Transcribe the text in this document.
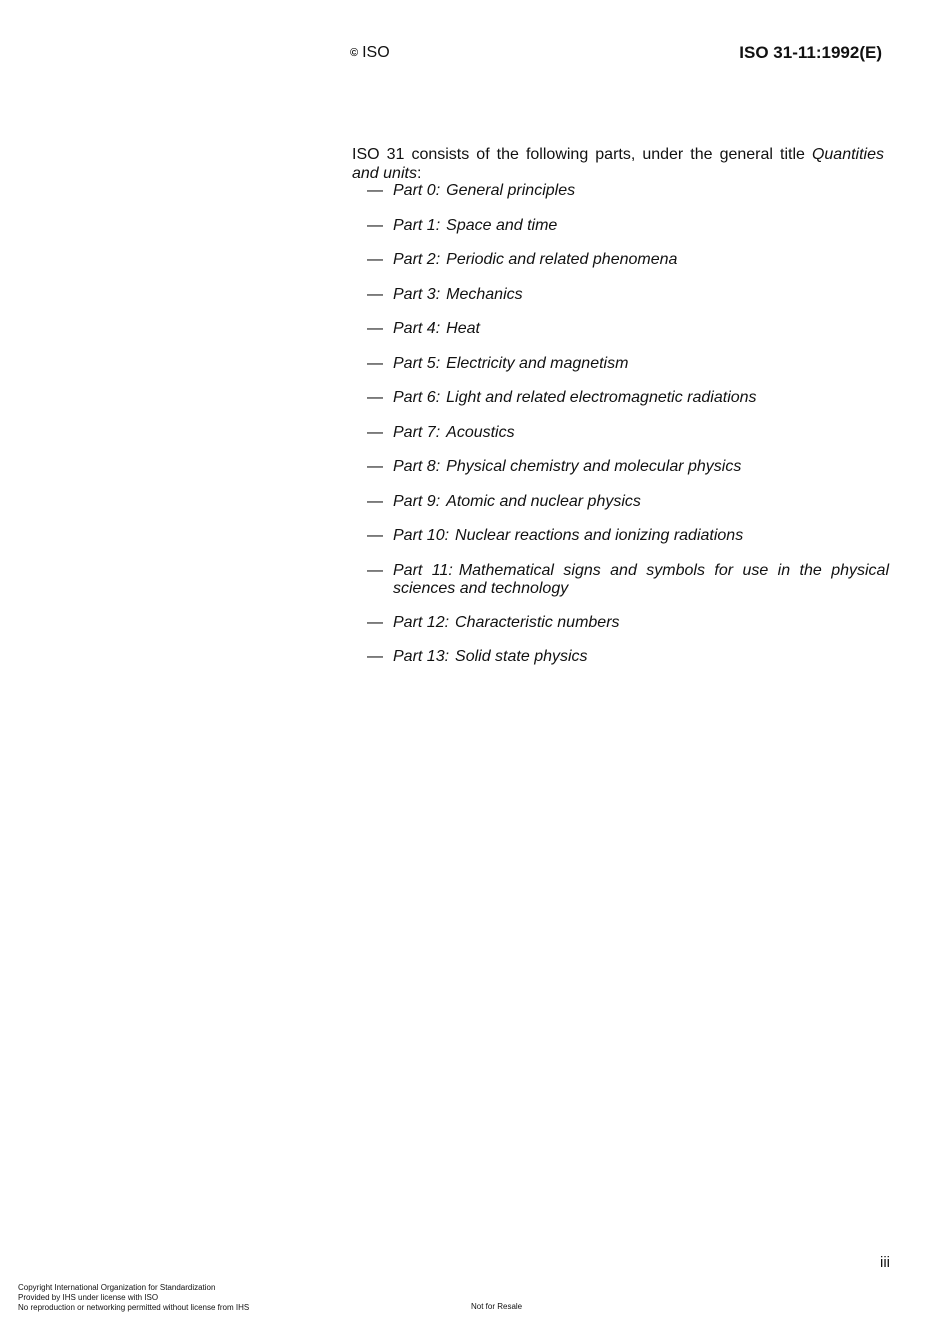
© ISO	ISO 31-11:1992(E)

ISO 31 consists of the following parts, under the general title Quantities and units:

— Part 0: General principles
— Part 1: Space and time
— Part 2: Periodic and related phenomena
— Part 3: Mechanics
— Part 4: Heat
— Part 5: Electricity and magnetism
— Part 6: Light and related electromagnetic radiations
— Part 7: Acoustics
— Part 8: Physical chemistry and molecular physics
— Part 9: Atomic and nuclear physics
— Part 10: Nuclear reactions and ionizing radiations
— Part 11: Mathematical signs and symbols for use in the physical sciences and technology
— Part 12: Characteristic numbers
— Part 13: Solid state physics
iii
Copyright International Organization for Standardization
Provided by IHS under license with ISO
No reproduction or networking permitted without license from IHS	Not for Resale
